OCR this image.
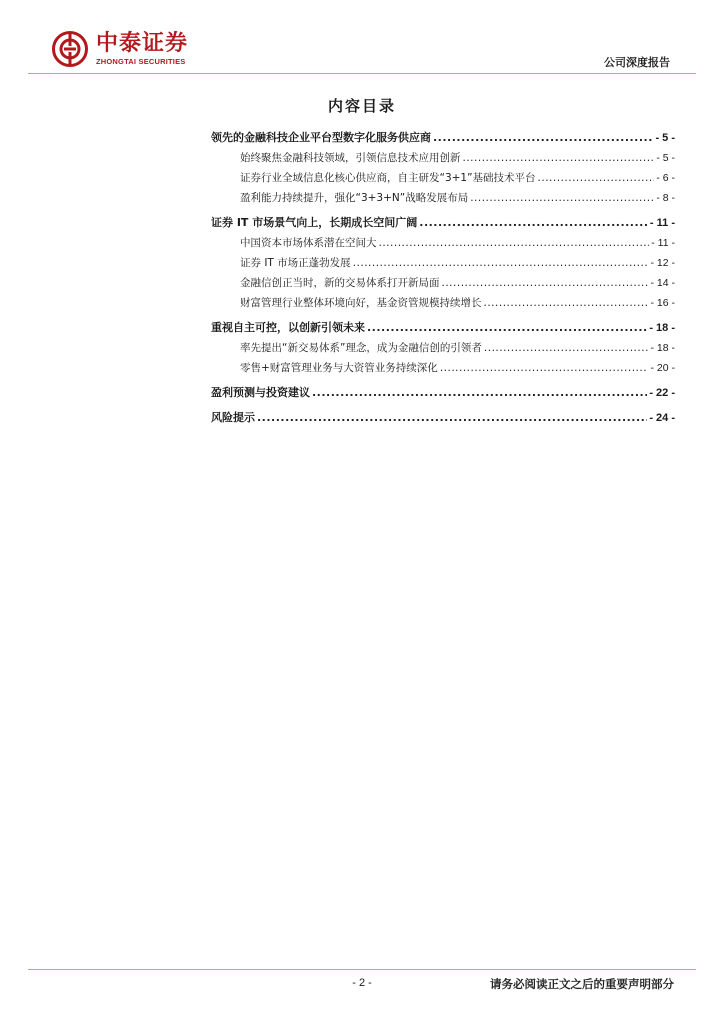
中泰证券
ZHONGTAI SECURITIES	公司深度报告
内容目录
领先的金融科技企业平台型数字化服务供应商 .....	- 5 -
始终聚焦金融科技领域，引领信息技术应用创新 .....	- 5 -
证券行业全域信息化核心供应商，自主研发“3+1”基础技术平台 .....	- 6 -
盈利能力持续提升，强化“3+3+N”战略发展布局 .....	- 8 -
证券 IT 市场景气向上，长期成长空间广阔 .....	- 11 -
中国资本市场体系潜在空间大 .....	- 11 -
证券 IT 市场正蓬勃发展 .....	- 12 -
金融信创正当时，新的交易体系打开新局面 .....	- 14 -
财富管理行业整体环境向好，基金资管规模持续增长 .....	- 16 -
重视自主可控，以创新引领未来 .....	- 18 -
率先提出“新交易体系”理念，成为金融信创的引领者 .....	- 18 -
零售+财富管理业务与大资管业务持续深化 .....	- 20 -
盈利预测与投资建议 .....	- 22 -
风险提示 .....	- 24 -
- 2 -	请务必阅读正文之后的重要声明部分
